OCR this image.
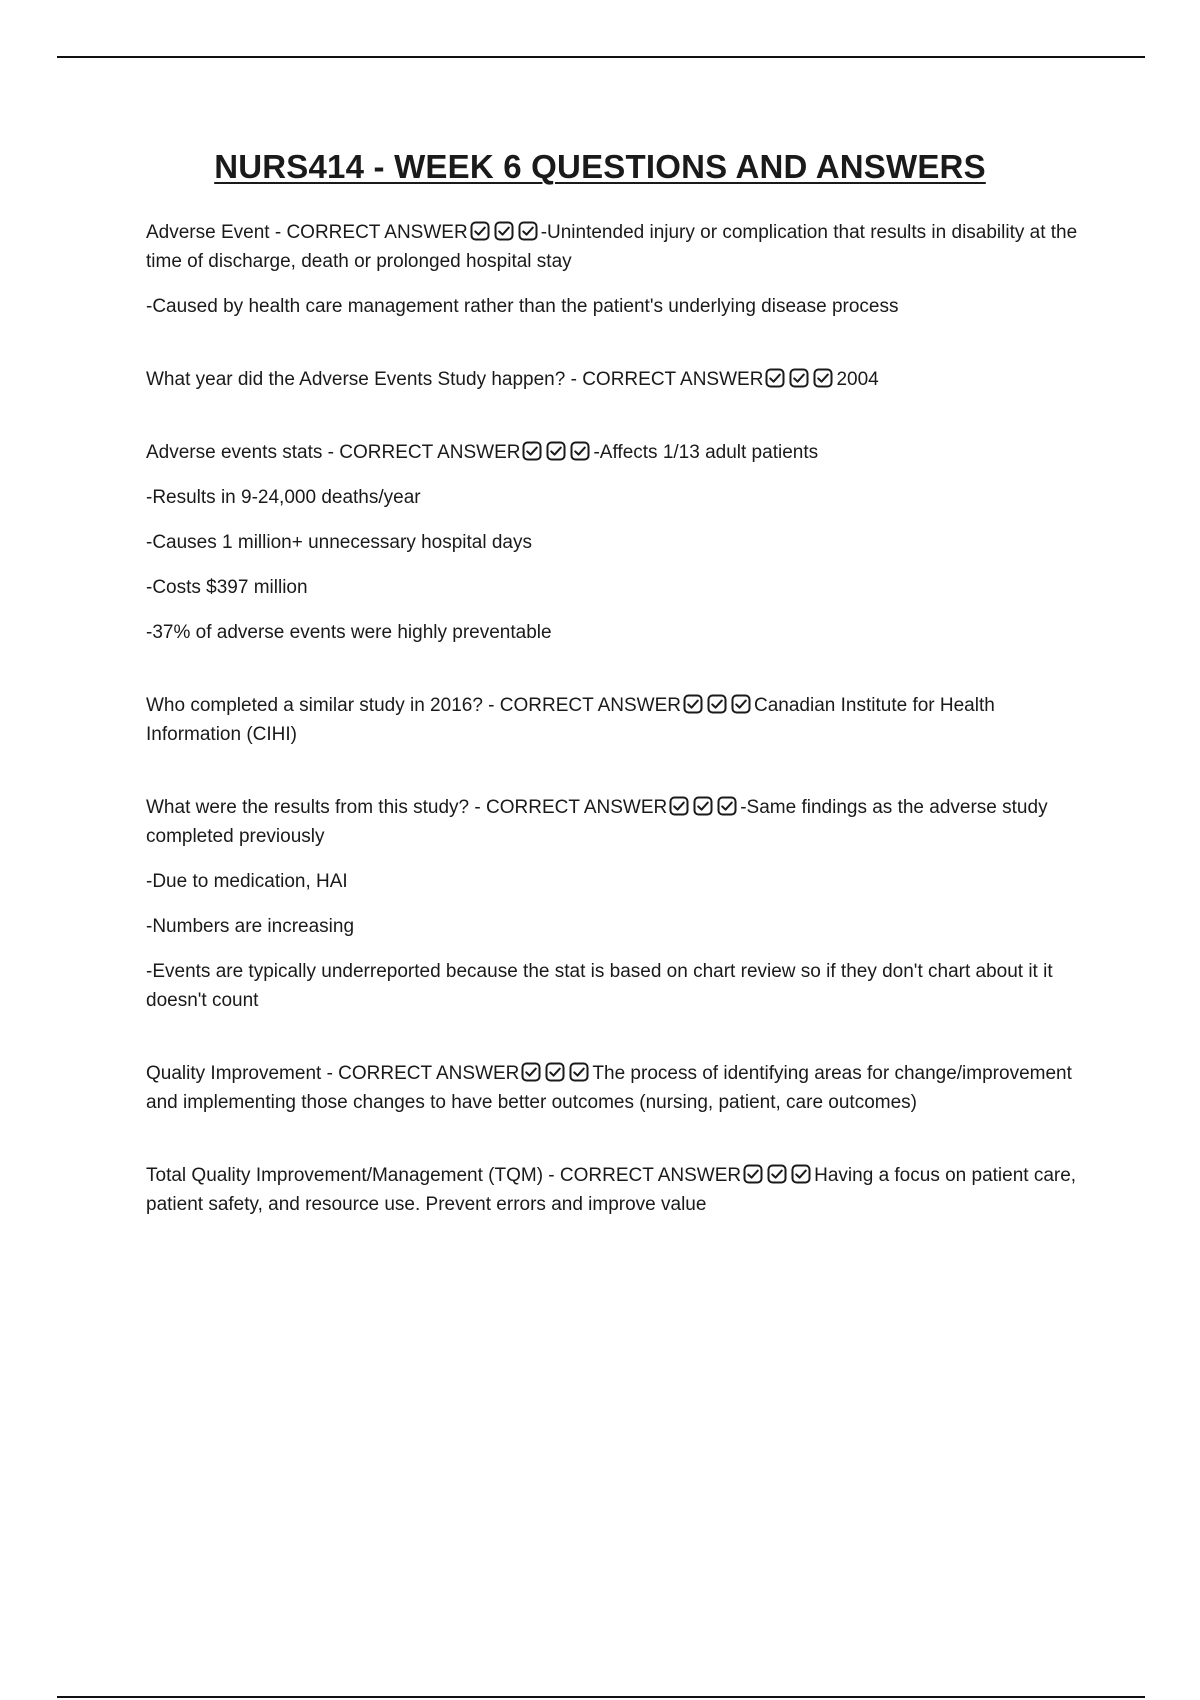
NURS414 - WEEK 6 QUESTIONS AND ANSWERS

Adverse Event - CORRECT ANSWER	-Unintended injury or complication that results in disability at the time of discharge, death or prolonged hospital stay

-Caused by health care management rather than the patient's underlying disease process

What year did the Adverse Events Study happen? - CORRECT ANSWER	2004

Adverse events stats - CORRECT ANSWER	-Affects 1/13 adult patients

-Results in 9-24,000 deaths/year

-Causes 1 million+ unnecessary hospital days

-Costs $397 million

-37% of adverse events were highly preventable

Who completed a similar study in 2016? - CORRECT ANSWER	Canadian Institute for Health Information (CIHI)

What were the results from this study? - CORRECT ANSWER	-Same findings as the adverse study completed previously

-Due to medication, HAI

-Numbers are increasing

-Events are typically underreported because the stat is based on chart review so if they don't chart about it it doesn't count

Quality Improvement - CORRECT ANSWER	The process of identifying areas for change/improvement and implementing those changes to have better outcomes (nursing, patient, care outcomes)

Total Quality Improvement/Management (TQM) - CORRECT ANSWER	Having a focus on patient care, patient safety, and resource use. Prevent errors and improve value
